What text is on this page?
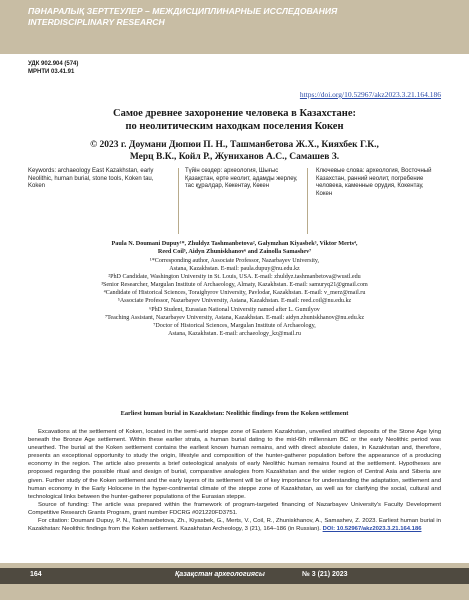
ПӘНАРАЛЫҚ ЗЕРТТЕУЛЕР – МЕЖДИСЦИПЛИНАРНЫЕ ИССЛЕДОВАНИЯ
INTERDISCIPLINARY RESEARCH
УДК 902.904 (574)
МРНТИ 03.41.91
https://doi.org/10.52967/akz2023.3.21.164.186
Самое древнее захоронение человека в Казахстане:
по неолитическим находкам поселения Кокен
© 2023 г. Доумани Дюпюи П. Н., Ташманбетова Ж.Х., Кияхбек Г.К.,
Мерц В.К., Койл Р., Жуниханов А.С., Самашев З.
Keywords: archaeology East Kazakhstan, early Neolithic, human burial, stone tools, Koken tau, Koken
Түйін сөздер: археология, Шығыс Қазақстан, ерте неолит, адамды жерлеу, тас құралдар, Көкентау, Көкен
Ключевые слова: археология, Восточный Казахстан, ранний неолит, погребение человека, каменные орудия, Кокентау, Кокен
Paula N. Doumani Dupuy¹*, Zhuldyz Tashmanbetova², Galymzhan Kiyasbek³, Viktor Merts⁴,
Reed Coil⁵, Aidyn Zhuniskhanov⁶ and Zainolla Samashev⁷
¹*Corresponding author, Associate Professor, Nazarbayev University,
Astana, Kazakhstan. E-mail: paula.dupuy@nu.edu.kz
²PhD Candidate, Washington University in St. Louis, USA. E-mail: zhuldyz.tashmanbetova@wustl.edu
³Senior Researcher, Margulan Institute of Archaeology, Almaty, Kazakhstan. E-mail: samuryq21@gmail.com
⁴Candidate of Historical Sciences, Toraighyrov University, Pavlodar, Kazakhstan. E-mail: v_merz@mail.ru
⁵Associate Professor, Nazarbayev University, Astana, Kazakhstan. E-mail: reed.coil@nu.edu.kz
⁶PhD Student, Eurasian National University named after L. Gumilyov
⁷Teaching Assistant, Nazarbayev University, Astana, Kazakhstan. E-mail: aidyn.zhuniskhanov@nu.edu.kz
⁷Doctor of Historical Sciences, Margulan Institute of Archaeology,
Astana, Kazakhstan. E-mail: archaeology_kz@mail.ru
Earliest human burial in Kazakhstan: Neolithic findings from the Koken settlement

Excavations at the settlement of Koken, located in the semi-arid steppe zone of Eastern Kazakhstan, unveiled stratified deposits of the Stone Age lying beneath the Bronze Age settlement. Within these earlier strata, a human burial dating to the mid-6th millennium BC or the early Neolithic period was unearthed. The burial at the Koken settlement contains the earliest known human remains, and with direct absolute dates, in Kazakhstan and, therefore, presents an exceptional opportunity to study the origin, lifestyle and composition of the hunter-gatherer population before the appearance of a producing economy in the region. The article also presents a brief osteological analysis of early Neolithic human remains found at the settlement. Hypotheses are proposed regarding the possible ritual and design of burial, comparative analogies from Kazakhstan and the wider region of Central Asia and Siberia are given. Further study of the Koken settlement and the early layers of its settlement will be of key importance for understanding the adaptation, settlement and human economy in the Early Holocene in the hyper-continental climate of the steppe zone of Kazakhstan, as well as for clarifying the social, cultural and technological links between the hunter-gatherer populations of the Eurasian steppe.

Source of funding: The article was prepared within the framework of program-targeted financing of Nazarbayev University's Faculty Development Competitive Research Grants Program, grant number FDCRG #021220FD3751.

For citation: Doumani Dupuy, P. N., Tashmanbetova, Zh., Kiyasbek, G., Merts, V., Coil, R., Zhuniskhanov, A., Samashev, Z. 2023. Earliest human burial in Kazakhstan: Neolithic findings from the Koken settlement. Kazakhstan Archeology, 3 (21), 164–186 (in Russian). DOI: 10.52967/akz2023.3.21.164.186

164	Қазақстан археологиясы	№ 3 (21) 2023
